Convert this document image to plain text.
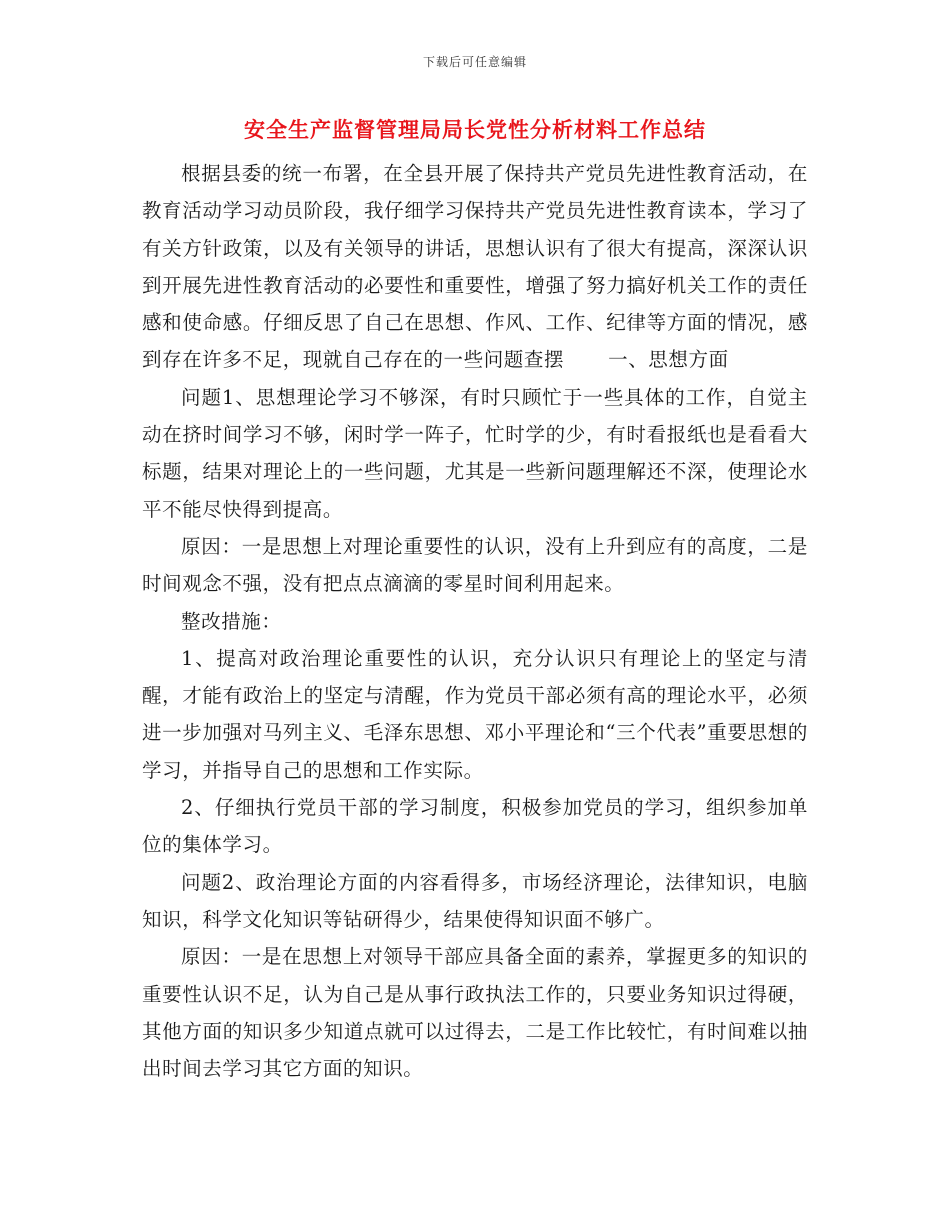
下载后可任意编辑
安全生产监督管理局局长党性分析材料工作总结

根据县委的统一布署，在全县开展了保持共产党员先进性教育活动，在教育活动学习动员阶段，我仔细学习保持共产党员先进性教育读本，学习了有关方针政策，以及有关领导的讲话，思想认识有了很大有提高，深深认识到开展先进性教育活动的必要性和重要性，增强了努力搞好机关工作的责任感和使命感。仔细反思了自己在思想、作风、工作、纪律等方面的情况，感到存在许多不足，现就自己存在的一些问题查摆 一、思想方面

问题1、思想理论学习不够深，有时只顾忙于一些具体的工作，自觉主动在挤时间学习不够，闲时学一阵子，忙时学的少，有时看报纸也是看看大标题，结果对理论上的一些问题，尤其是一些新问题理解还不深，使理论水平不能尽快得到提高。

原因：一是思想上对理论重要性的认识，没有上升到应有的高度，二是时间观念不强，没有把点点滴滴的零星时间利用起来。

整改措施：

1、提高对政治理论重要性的认识，充分认识只有理论上的坚定与清醒，才能有政治上的坚定与清醒，作为党员干部必须有高的理论水平，必须进一步加强对马列主义、毛泽东思想、邓小平理论和“三个代表”重要思想的学习，并指导自己的思想和工作实际。

2、仔细执行党员干部的学习制度，积极参加党员的学习，组织参加单位的集体学习。

问题2、政治理论方面的内容看得多，市场经济理论，法律知识，电脑知识，科学文化知识等钻研得少，结果使得知识面不够广。

原因：一是在思想上对领导干部应具备全面的素养，掌握更多的知识的重要性认识不足，认为自己是从事行政执法工作的，只要业务知识过得硬，其他方面的知识多少知道点就可以过得去，二是工作比较忙，有时间难以抽出时间去学习其它方面的知识。
